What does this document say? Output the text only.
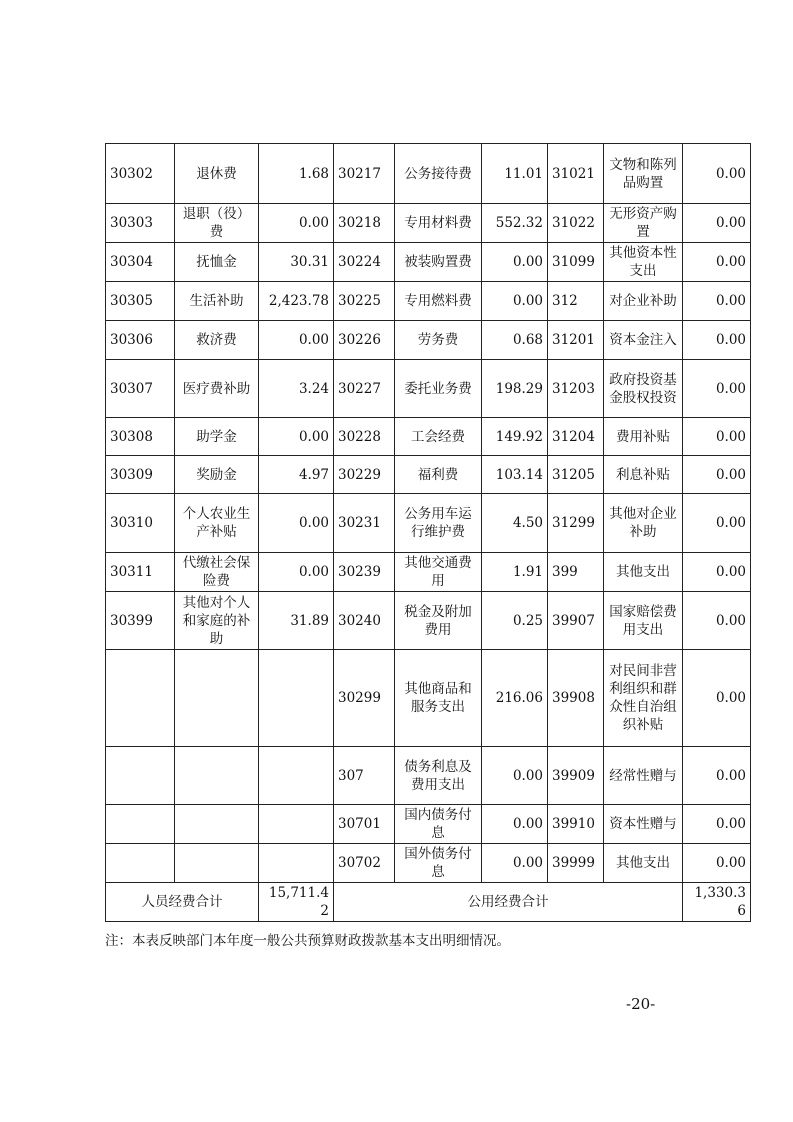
30302	退休费	1.68	30217	公务接待费	11.01	31021	文物和陈列品购置	0.00
30303	退职（役）费	0.00	30218	专用材料费	552.32	31022	无形资产购置	0.00
30304	抚恤金	30.31	30224	被装购置费	0.00	31099	其他资本性支出	0.00
30305	生活补助	2,423.78	30225	专用燃料费	0.00	312	对企业补助	0.00
30306	救济费	0.00	30226	劳务费	0.68	31201	资本金注入	0.00
30307	医疗费补助	3.24	30227	委托业务费	198.29	31203	政府投资基金股权投资	0.00
30308	助学金	0.00	30228	工会经费	149.92	31204	费用补贴	0.00
30309	奖励金	4.97	30229	福利费	103.14	31205	利息补贴	0.00
30310	个人农业生产补贴	0.00	30231	公务用车运行维护费	4.50	31299	其他对企业补助	0.00
30311	代缴社会保险费	0.00	30239	其他交通费用	1.91	399	其他支出	0.00
30399	其他对个人和家庭的补助	31.89	30240	税金及附加费用	0.25	39907	国家赔偿费用支出	0.00
			30299	其他商品和服务支出	216.06	39908	对民间非营利组织和群众性自治组织补贴	0.00
			307	债务利息及费用支出	0.00	39909	经常性赠与	0.00
			30701	国内债务付息	0.00	39910	资本性赠与	0.00
			30702	国外债务付息	0.00	39999	其他支出	0.00
人员经费合计		15,711.42	公用经费合计					1,330.36
注：本表反映部门本年度一般公共预算财政拨款基本支出明细情况。
-20-
